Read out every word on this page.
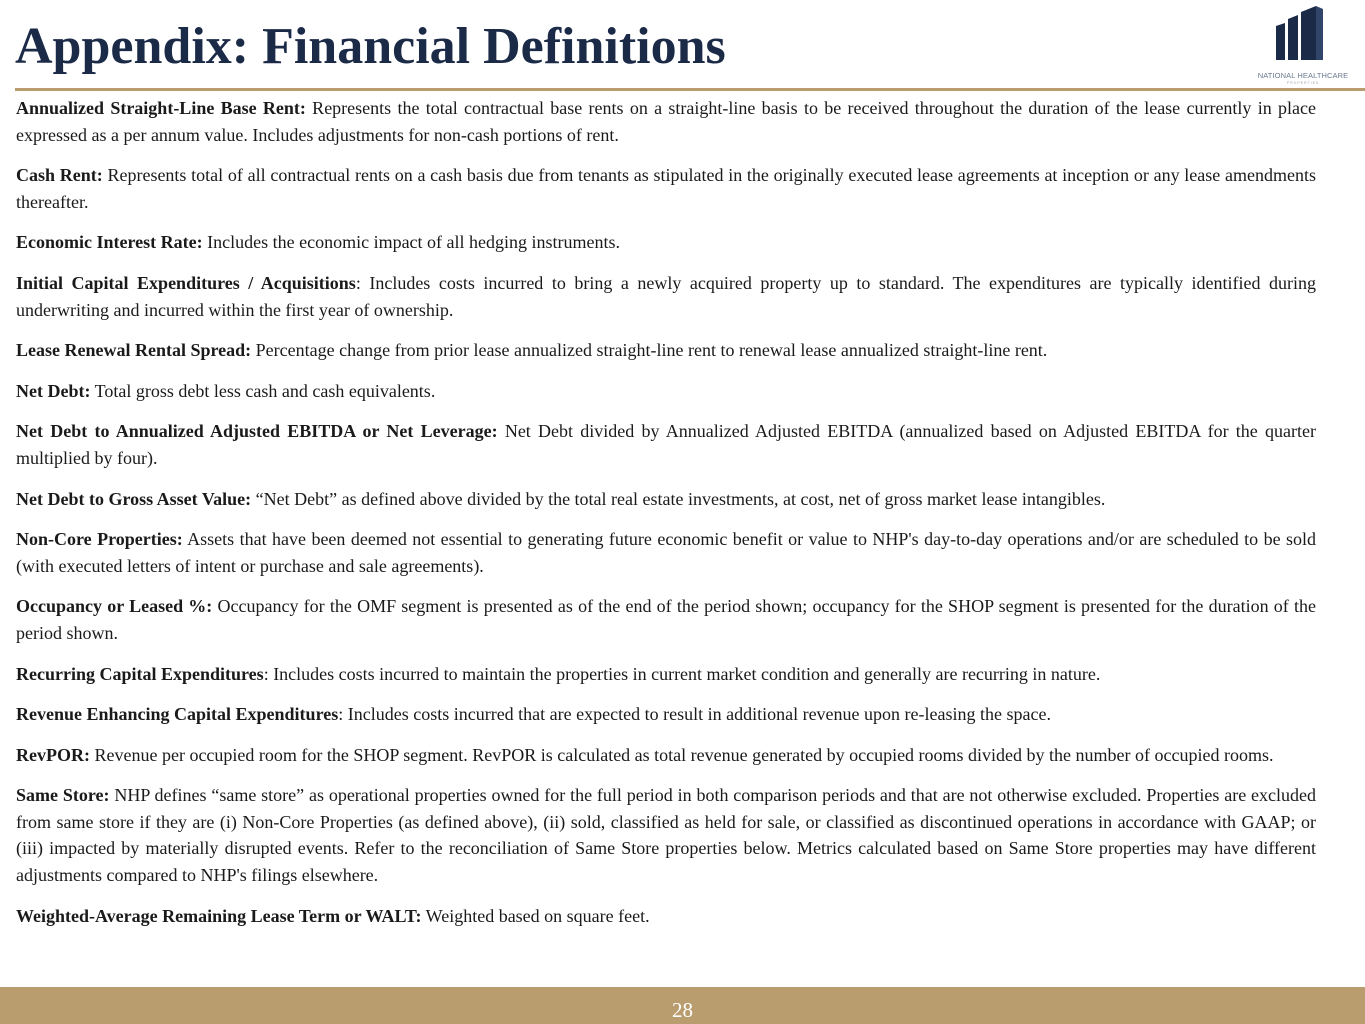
Appendix: Financial Definitions
NATIONAL HEALTHCARE
PROPERTIES

Annualized Straight-Line Base Rent: Represents the total contractual base rents on a straight-line basis to be received throughout the duration of the lease currently in place expressed as a per annum value. Includes adjustments for non-cash portions of rent.

Cash Rent: Represents total of all contractual rents on a cash basis due from tenants as stipulated in the originally executed lease agreements at inception or any lease amendments thereafter.

Economic Interest Rate: Includes the economic impact of all hedging instruments.

Initial Capital Expenditures / Acquisitions: Includes costs incurred to bring a newly acquired property up to standard. The expenditures are typically identified during underwriting and incurred within the first year of ownership.

Lease Renewal Rental Spread: Percentage change from prior lease annualized straight-line rent to renewal lease annualized straight-line rent.

Net Debt: Total gross debt less cash and cash equivalents.

Net Debt to Annualized Adjusted EBITDA or Net Leverage: Net Debt divided by Annualized Adjusted EBITDA (annualized based on Adjusted EBITDA for the quarter multiplied by four).

Net Debt to Gross Asset Value: “Net Debt” as defined above divided by the total real estate investments, at cost, net of gross market lease intangibles.

Non-Core Properties: Assets that have been deemed not essential to generating future economic benefit or value to NHP's day-to-day operations and/or are scheduled to be sold (with executed letters of intent or purchase and sale agreements).

Occupancy or Leased %: Occupancy for the OMF segment is presented as of the end of the period shown; occupancy for the SHOP segment is presented for the duration of the period shown.

Recurring Capital Expenditures: Includes costs incurred to maintain the properties in current market condition and generally are recurring in nature.

Revenue Enhancing Capital Expenditures: Includes costs incurred that are expected to result in additional revenue upon re-leasing the space.

RevPOR: Revenue per occupied room for the SHOP segment. RevPOR is calculated as total revenue generated by occupied rooms divided by the number of occupied rooms.

Same Store: NHP defines “same store” as operational properties owned for the full period in both comparison periods and that are not otherwise excluded. Properties are excluded from same store if they are (i) Non-Core Properties (as defined above), (ii) sold, classified as held for sale, or classified as discontinued operations in accordance with GAAP; or (iii) impacted by materially disrupted events. Refer to the reconciliation of Same Store properties below. Metrics calculated based on Same Store properties may have different adjustments compared to NHP's filings elsewhere.

Weighted-Average Remaining Lease Term or WALT: Weighted based on square feet.

28
